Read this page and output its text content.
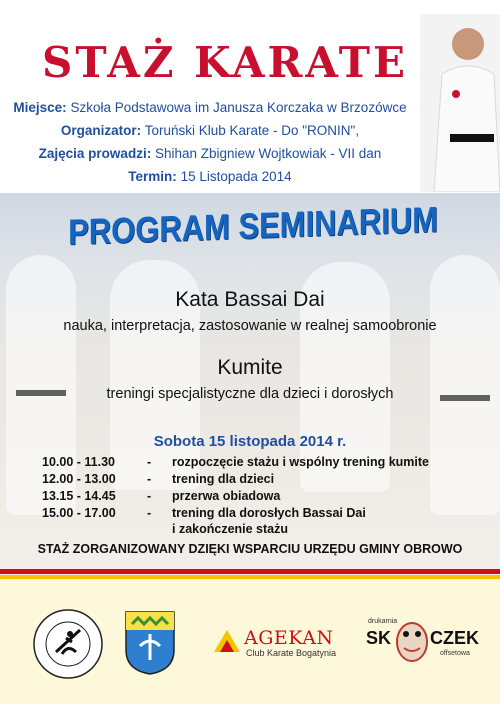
STAŻ KARATE
Miejsce: Szkoła Podstawowa im Janusza Korczaka w Brzozówce
Organizator: Toruński Klub Karate - Do "RONIN",
Zajęcia prowadzi: Shihan Zbigniew Wojtkowiak - VII dan
Termin: 15 Listopada 2014
PROGRAM SEMINARIUM
Kata Bassai Dai
nauka, interpretacja, zastosowanie w realnej samoobronie
Kumite
treningi specjalistyczne dla dzieci i dorosłych
Sobota 15 listopada 2014 r.
10.00 - 11.30	- rozpoczęcie stażu i wspólny trening kumite
12.00 - 13.00	- trening dla dzieci
13.15 - 14.45	- przerwa obiadowa
15.00 - 17.00	- trening dla dorosłych Bassai Dai
i zakończenie stażu
STAŻ ZORGANIZOWANY DZIĘKI WSPARCIU URZĘDU GMINY OBROWO
AGEKAN
Club Karate Bogatynia
drukarnia
SK CZEK
offsetowa
